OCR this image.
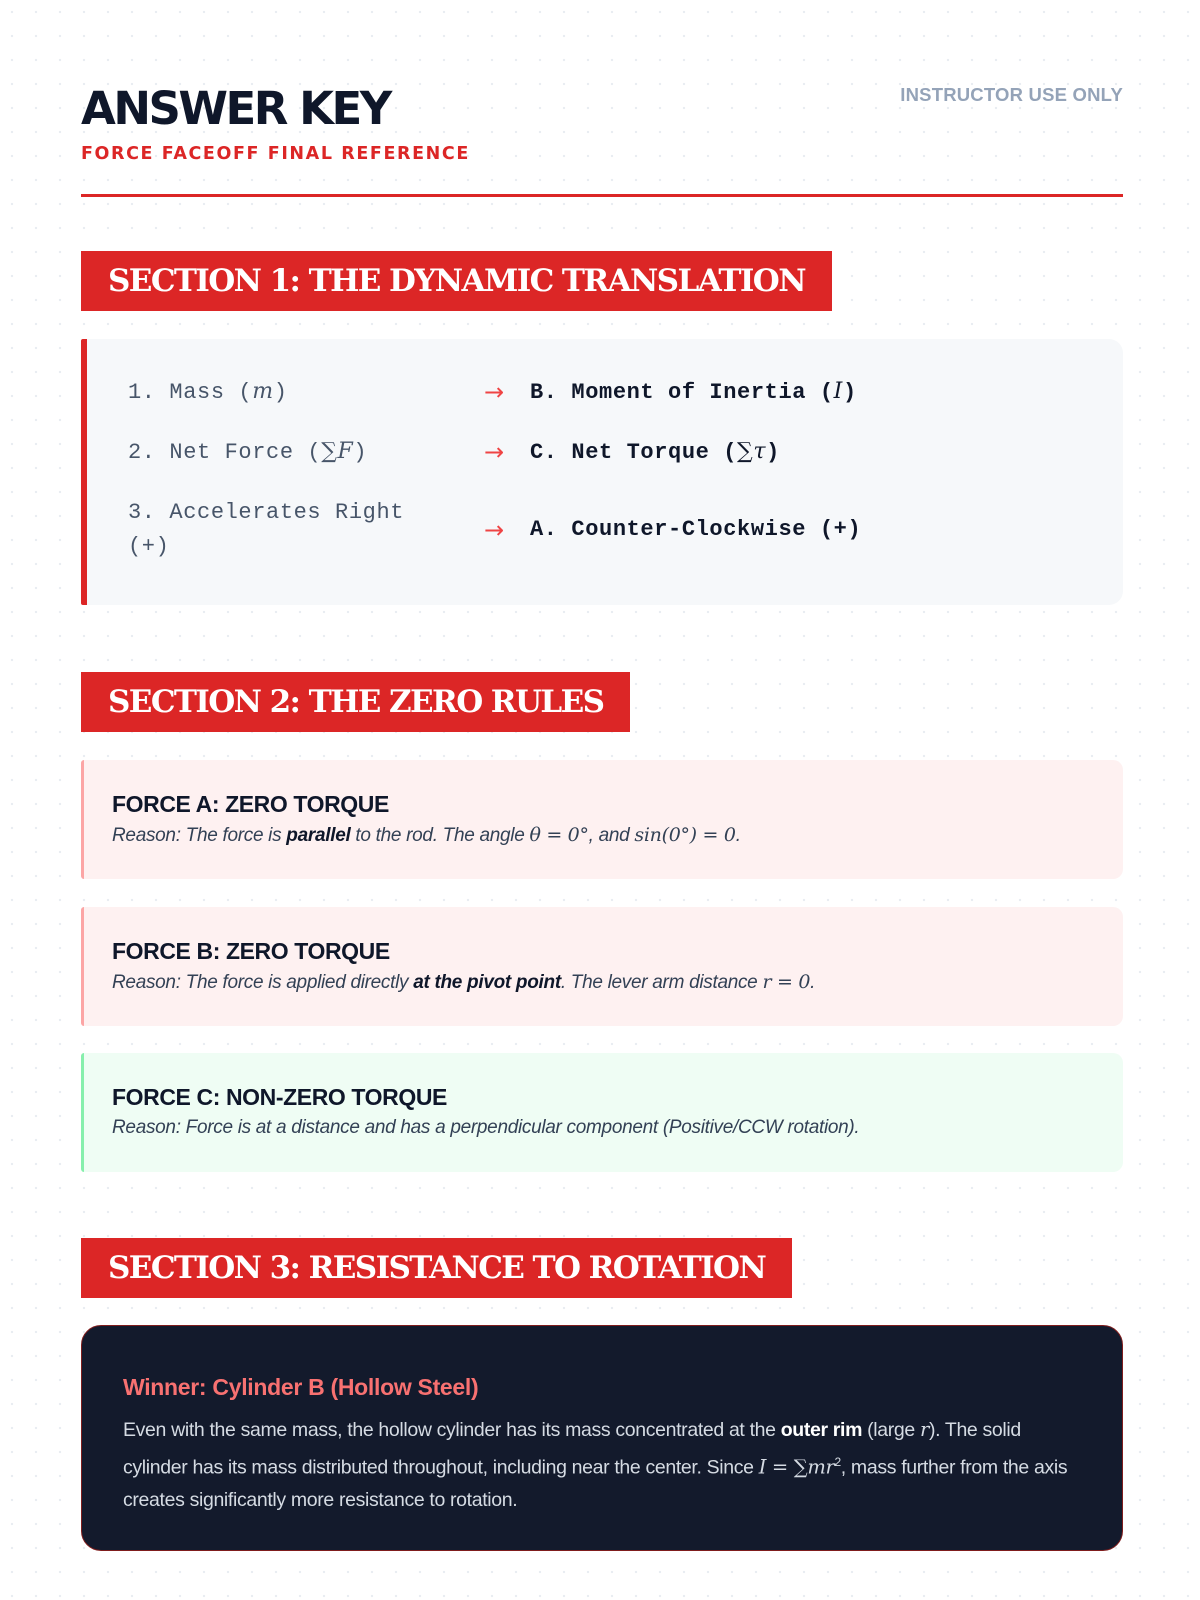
ANSWER KEY
FORCE FACEOFF FINAL REFERENCE
INSTRUCTOR USE ONLY
SECTION 1: THE DYNAMIC TRANSLATION
1. Mass (m)	→ B. Moment of Inertia (I)
2. Net Force (∑F)	→ C. Net Torque (∑τ)
3. Accelerates Right (+)
→ A. Counter-Clockwise (+)
SECTION 2: THE ZERO RULES
FORCE A: ZERO TORQUE
Reason: The force is parallel to the rod. The angle θ = 0°, and sin(0°) = 0.
FORCE B: ZERO TORQUE
Reason: The force is applied directly at the pivot point. The lever arm distance r = 0.
FORCE C: NON-ZERO TORQUE
Reason: Force is at a distance and has a perpendicular component (Positive/CCW rotation).
SECTION 3: RESISTANCE TO ROTATION
Winner: Cylinder B (Hollow Steel)
Even with the same mass, the hollow cylinder has its mass concentrated at the outer rim (large r). The solid cylinder has its mass distributed throughout, including near the center. Since $I = \sum mr^2$, mass further from the axis creates significantly more resistance to rotation.
